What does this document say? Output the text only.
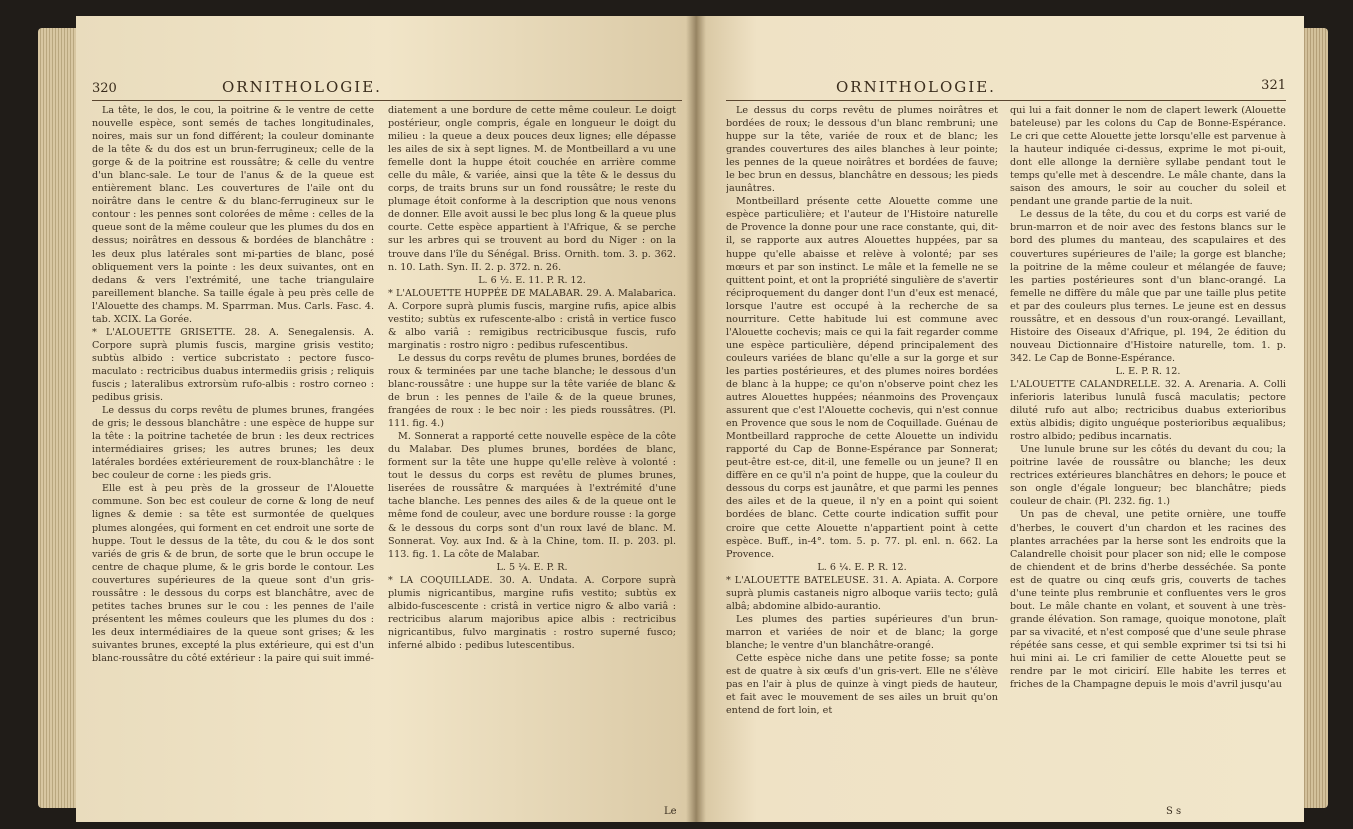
320	ORNITHOLOGIE.

La tête, le dos, le cou, la poitrine & le ventre de cette nouvelle espèce, sont semés de taches longitudinales, noires, mais sur un fond différent; la couleur dominante de la tête & du dos est un brun-ferrugineux; celle de la gorge & de la poitrine est roussâtre; & celle du ventre d'un blanc-sale. Le tour de l'anus & de la queue est entièrement blanc. Les couvertures de l'aile ont du noirâtre dans le centre & du blanc-ferrugineux sur le contour : les pennes sont colorées de même : celles de la queue sont de la même couleur que les plumes du dos en dessus; noirâtres en dessous & bordées de blanchâtre : les deux plus latérales sont mi-parties de blanc, posé obliquement vers la pointe : les deux suivantes, ont en dedans & vers l'extrémité, une tache triangulaire pareillement blanche. Sa taille égale à peu près celle de l'Alouette des champs. M. Sparrman. Mus. Carls. Fasc. 4. tab. XCIX. La Gorée.

* L'ALOUETTE GRISETTE. 28. A. Senegalensis. A. Corpore suprà plumis fuscis, margine grisis vestito; subtùs albido : vertice subcristato : pectore fusco-maculato : rectricibus duabus intermediis grisis ; reliquis fuscis ; lateralibus extrorsùm rufo-albis : rostro corneo : pedibus grisis.

Le dessus du corps revêtu de plumes brunes, frangées de gris; le dessous blanchâtre : une espèce de huppe sur la tête : la poitrine tachetée de brun : les deux rectrices intermédiaires grises; les autres brunes; les deux latérales bordées extérieurement de roux-blanchâtre : le bec couleur de corne : les pieds gris.

Elle est à peu près de la grosseur de l'Alouette commune. Son bec est couleur de corne & long de neuf lignes & demie : sa tête est surmontée de quelques plumes alongées, qui forment en cet endroit une sorte de huppe. Tout le dessus de la tête, du cou & le dos sont variés de gris & de brun, de sorte que le brun occupe le centre de chaque plume, & le gris borde le contour. Les couvertures supérieures de la queue sont d'un gris-roussâtre : le dessous du corps est blanchâtre, avec de petites taches brunes sur le cou : les pennes de l'aile présentent les mêmes couleurs que les plumes du dos : les deux intermédiaires de la queue sont grises; & les suivantes brunes, excepté la plus extérieure, qui est d'un blanc-roussâtre du côté extérieur : la paire qui suit immé-

diatement a une bordure de cette même couleur. Le doigt postérieur, ongle compris, égale en longueur le doigt du milieu : la queue a deux pouces deux lignes; elle dépasse les ailes de six à sept lignes. M. de Montbeillard a vu une femelle dont la huppe étoit couchée en arrière comme celle du mâle, & variée, ainsi que la tête & le dessus du corps, de traits bruns sur un fond roussâtre; le reste du plumage étoit conforme à la description que nous venons de donner. Elle avoit aussi le bec plus long & la queue plus courte. Cette espèce appartient à l'Afrique, & se perche sur les arbres qui se trouvent au bord du Niger : on la trouve dans l'île du Sénégal. Briss. Ornith. tom. 3. p. 362. n. 10. Lath. Syn. II. 2. p. 372. n. 26.

L. 6 ½. E. 11. P. R. 12.

* L'ALOUETTE HUPPÉE DE MALABAR. 29. A. Malabarica. A. Corpore suprà plumis fuscis, margine rufis, apice albis vestito; subtùs ex rufescente-albo : cristâ in vertice fusco & albo variâ : remigibus rectricibusque fuscis, rufo marginatis : rostro nigro : pedibus rufescentibus.

Le dessus du corps revêtu de plumes brunes, bordées de roux & terminées par une tache blanche; le dessous d'un blanc-roussâtre : une huppe sur la tête variée de blanc & de brun : les pennes de l'aile & de la queue brunes, frangées de roux : le bec noir : les pieds roussâtres. (Pl. 111. fig. 4.)

M. Sonnerat a rapporté cette nouvelle espèce de la côte du Malabar. Des plumes brunes, bordées de blanc, forment sur la tête une huppe qu'elle relève à volonté : tout le dessus du corps est revêtu de plumes brunes, liserées de roussâtre & marquées à l'extrémité d'une tache blanche. Les pennes des ailes & de la queue ont le même fond de couleur, avec une bordure rousse : la gorge & le dessous du corps sont d'un roux lavé de blanc. M. Sonnerat. Voy. aux Ind. & à la Chine, tom. II. p. 203. pl. 113. fig. 1. La côte de Malabar.

L. 5 ¼. E. P. R.

* LA COQUILLADE. 30. A. Undata. A. Corpore suprà plumis nigricantibus, margine rufis vestito; subtùs ex albido-fuscescente : cristâ in vertice nigro & albo variâ : rectricibus alarum majoribus apice albis : rectricibus nigricantibus, fulvo marginatis : rostro superné fusco; inferné albido : pedibus lutescentibus.

Le
ORNITHOLOGIE.	321

Le dessus du corps revêtu de plumes noirâtres et bordées de roux; le dessous d'un blanc rembruni; une huppe sur la tête, variée de roux et de blanc; les grandes couvertures des ailes blanches à leur pointe; les pennes de la queue noirâtres et bordées de fauve; le bec brun en dessus, blanchâtre en dessous; les pieds jaunâtres.

Montbeillard présente cette Alouette comme une espèce particulière; et l'auteur de l'Histoire naturelle de Provence la donne pour une race constante, qui, dit-il, se rapporte aux autres Alouettes huppées, par sa huppe qu'elle abaisse et relève à volonté; par ses mœurs et par son instinct. Le mâle et la femelle ne se quittent point, et ont la propriété singulière de s'avertir réciproquement du danger dont l'un d'eux est menacé, lorsque l'autre est occupé à la recherche de sa nourriture. Cette habitude lui est commune avec l'Alouette cochevis; mais ce qui la fait regarder comme une espèce particulière, dépend principalement des couleurs variées de blanc qu'elle a sur la gorge et sur les parties postérieures, et des plumes noires bordées de blanc à la huppe; ce qu'on n'observe point chez les autres Alouettes huppées; néanmoins des Provençaux assurent que c'est l'Alouette cochevis, qui n'est connue en Provence que sous le nom de Coquillade. Guénau de Montbeillard rapproche de cette Alouette un individu rapporté du Cap de Bonne-Espérance par Sonnerat; peut-être est-ce, dit-il, une femelle ou un jeune? Il en diffère en ce qu'il n'a point de huppe, que la couleur du dessous du corps est jaunâtre, et que parmi les pennes des ailes et de la queue, il n'y en a point qui soient bordées de blanc. Cette courte indication suffit pour croire que cette Alouette n'appartient point à cette espèce. Buff., in-4°. tom. 5. p. 77. pl. enl. n. 662. La Provence.

L. 6 ¼. E. P. R. 12.

* L'ALOUETTE BATELEUSE. 31. A. Apiata. A. Corpore suprà plumis castaneis nigro alboque variis tecto; gulâ albâ; abdomine albido-aurantio.

Les plumes des parties supérieures d'un brun-marron et variées de noir et de blanc; la gorge blanche; le ventre d'un blanchâtre-orangé.

Cette espèce niche dans une petite fosse; sa ponte est de quatre à six œufs d'un gris-vert. Elle ne s'élève pas en l'air à plus de quinze à vingt pieds de hauteur, et fait avec le mouvement de ses ailes un bruit qu'on entend de fort loin, et

qui lui a fait donner le nom de clapert lewerk (Alouette bateleuse) par les colons du Cap de Bonne-Espérance. Le cri que cette Alouette jette lorsqu'elle est parvenue à la hauteur indiquée ci-dessus, exprime le mot pi-ouit, dont elle allonge la dernière syllabe pendant tout le temps qu'elle met à descendre. Le mâle chante, dans la saison des amours, le soir au coucher du soleil et pendant une grande partie de la nuit.

Le dessus de la tête, du cou et du corps est varié de brun-marron et de noir avec des festons blancs sur le bord des plumes du manteau, des scapulaires et des couvertures supérieures de l'aile; la gorge est blanche; la poitrine de la même couleur et mélangée de fauve; les parties postérieures sont d'un blanc-orangé. La femelle ne diffère du mâle que par une taille plus petite et par des couleurs plus ternes. Le jeune est en dessus roussâtre, et en dessous d'un roux-orangé. Levaillant, Histoire des Oiseaux d'Afrique, pl. 194, 2e édition du nouveau Dictionnaire d'Histoire naturelle, tom. 1. p. 342. Le Cap de Bonne-Espérance.

L. E. P. R. 12.

L'ALOUETTE CALANDRELLE. 32. A. Arenaria. A. Colli inferioris lateribus lunulâ fuscâ maculatis; pectore diluté rufo aut albo; rectricibus duabus exterioribus extùs albidis; digito unguéque posterioribus æqualibus; rostro albido; pedibus incarnatis.

Une lunule brune sur les côtés du devant du cou; la poitrine lavée de roussâtre ou blanche; les deux rectrices extérieures blanchâtres en dehors; le pouce et son ongle d'égale longueur; bec blanchâtre; pieds couleur de chair. (Pl. 232. fig. 1.)

Un pas de cheval, une petite ornière, une touffe d'herbes, le couvert d'un chardon et les racines des plantes arrachées par la herse sont les endroits que la Calandrelle choisit pour placer son nid; elle le compose de chiendent et de brins d'herbe desséchée. Sa ponte est de quatre ou cinq œufs gris, couverts de taches d'une teinte plus rembrunie et confluentes vers le gros bout. Le mâle chante en volant, et souvent à une très-grande élévation. Son ramage, quoique monotone, plaît par sa vivacité, et n'est composé que d'une seule phrase répétée sans cesse, et qui semble exprimer tsi tsi tsi hi hui mini ai. Le cri familier de cette Alouette peut se rendre par le mot ciricirí. Elle habite les terres et friches de la Champagne depuis le mois d'avril jusqu'au

S s
